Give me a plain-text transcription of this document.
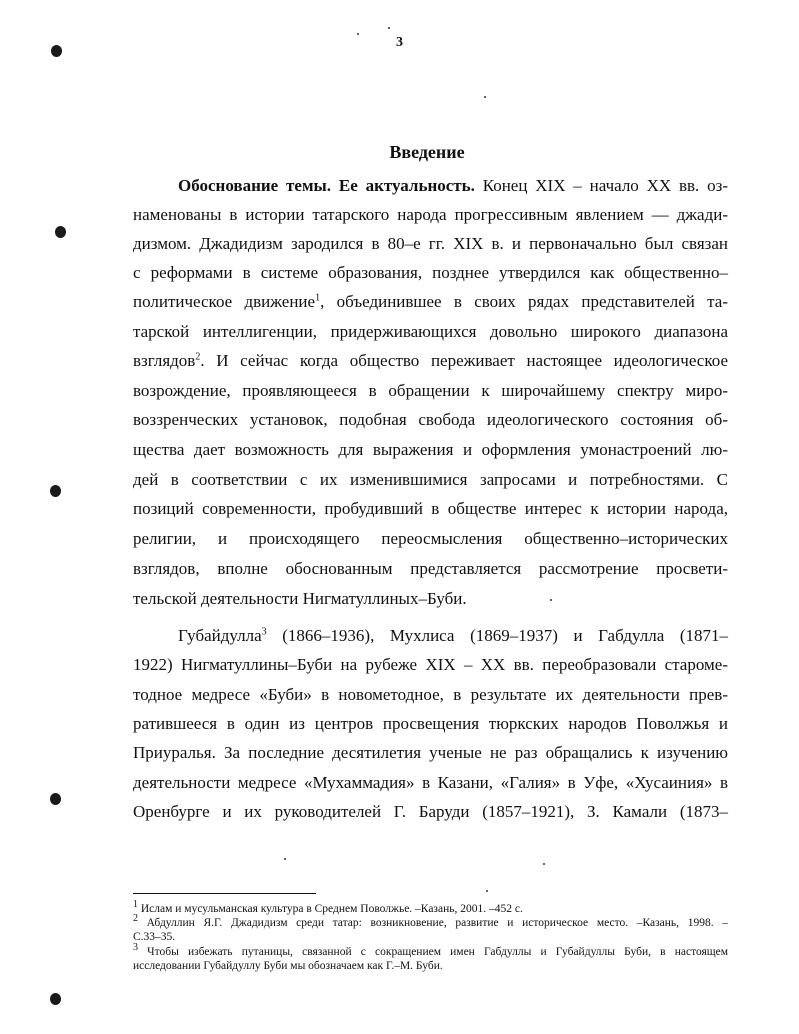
3
Введение
Обоснование темы. Ее актуальность. Конец XIX – начало XX вв. оз-
наменованы в истории татарского народа прогрессивным явлением — джади-
дизмом. Джадидизм зародился в 80–е гг. XIX в. и первоначально был связан
с реформами в системе образования, позднее утвердился как общественно–
политическое движение$^1$, объединившее в своих рядах представителей та-
тарской интеллигенции, придерживающихся довольно широкого диапазона
взглядов$^2$. И сейчас когда общество переживает настоящее идеологическое
возрождение, проявляющееся в обращении к широчайшему спектру миро-
воззренческих установок, подобная свобода идеологического состояния об-
щества дает возможность для выражения и оформления умонастроений лю-
дей в соответствии с их изменившимися запросами и потребностями. С
позиций современности, пробудивший в обществе интерес к истории народа,
религии, и происходящего переосмысления общественно–исторических
взглядов, вполне обоснованным представляется рассмотрение просвети-
тельской деятельности Нигматуллиных–Буби.
Губайдулла$^3$ (1866–1936), Мухлиса (1869–1937) и Габдулла (1871–
1922) Нигматуллины–Буби на рубеже XIX – XX вв. переобразовали староме-
тодное медресе «Буби» в новометодное, в результате их деятельности прев-
ратившееся в один из центров просвещения тюркских народов Поволжья и
Приуралья. За последние десятилетия ученые не раз обращались к изучению
деятельности медресе «Мухаммадия» в Казани, «Галия» в Уфе, «Хусаиния» в
Оренбурге и их руководителей Г. Баруди (1857–1921), З. Камали (1873–
$^1$ Ислам и мусульманская культура в Среднем Поволжье. –Казань, 2001. –452 с.
$^2$ Абдуллин Я.Г. Джадидизм среди татар: возникновение, развитие и историческое место. –Казань, 1998. –
С.33–35.
$^3$ Чтобы избежать путаницы, связанной с сокращением имен Габдуллы и Губайдуллы Буби, в настоящем
исследовании Губайдуллу Буби мы обозначаем как Г.–М. Буби.
